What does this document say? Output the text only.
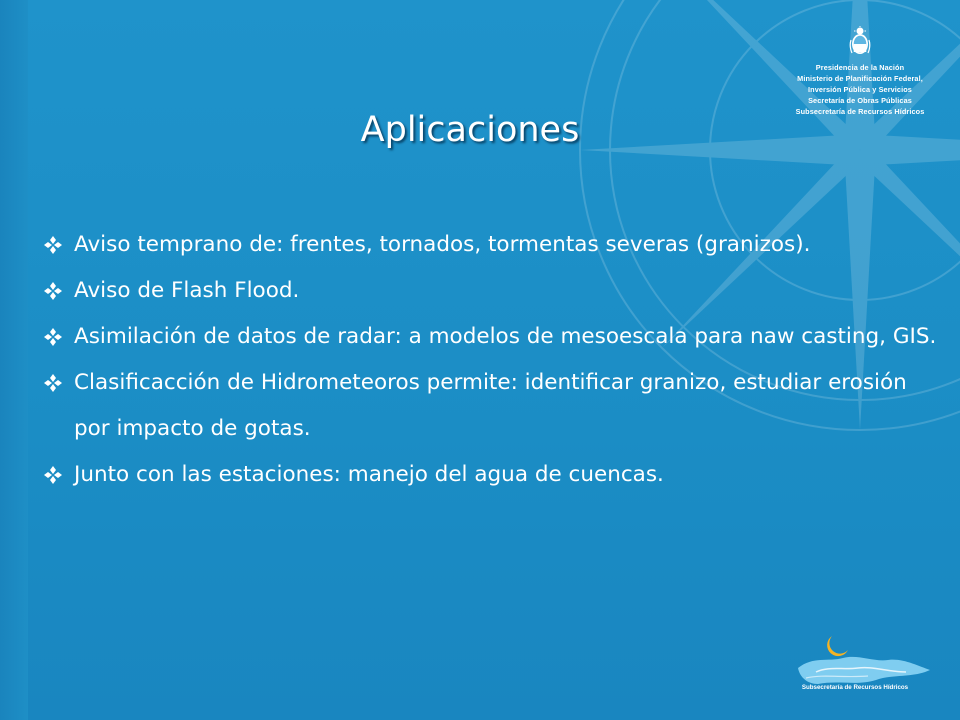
Presidencia de la Nación
Ministerio de Planificación Federal,
Inversión Pública y Servicios
Secretaría de Obras Públicas
Subsecretaría de Recursos Hídricos
Aplicaciones
Aviso temprano de: frentes, tornados, tormentas severas (granizos).
Aviso de Flash Flood.
Asimilación de datos de radar: a modelos de mesoescala para naw casting, GIS.
Clasificacción de Hidrometeoros permite: identificar granizo, estudiar erosión por impacto de gotas.
Junto con las estaciones: manejo del agua de cuencas.
Subsecretaría de Recursos Hídricos
